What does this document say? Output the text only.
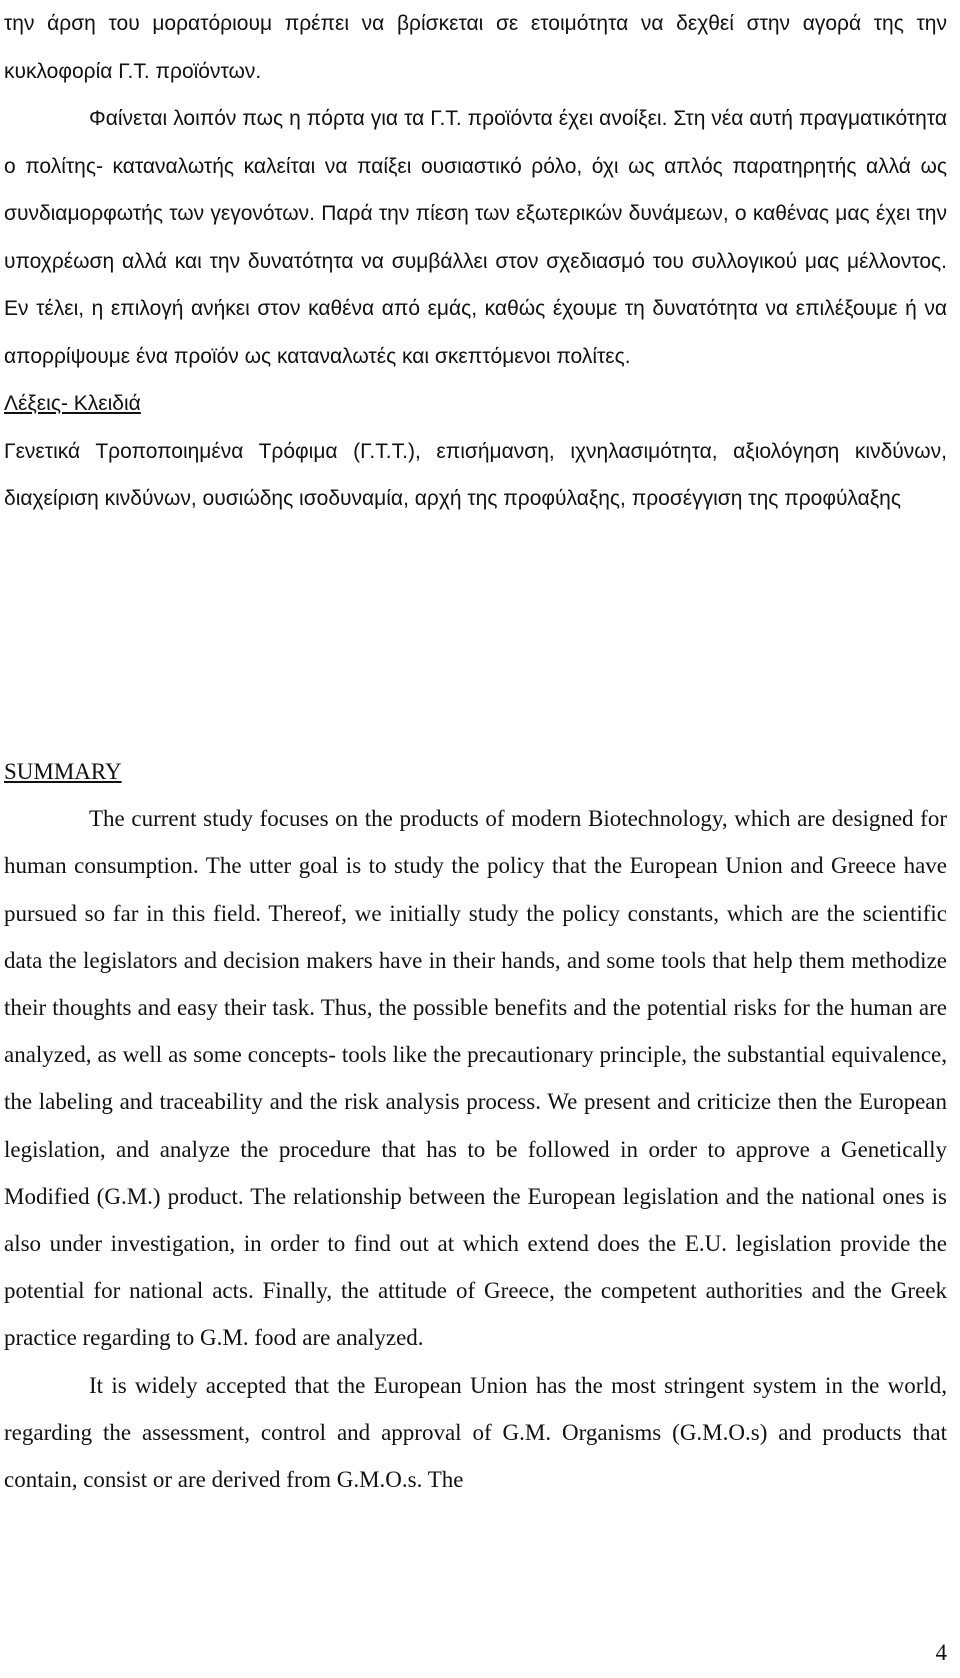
την άρση του μορατόριουμ πρέπει να βρίσκεται σε ετοιμότητα να δεχθεί στην αγορά της την κυκλοφορία Γ.Τ. προϊόντων.

Φαίνεται λοιπόν πως η πόρτα για τα Γ.Τ. προϊόντα έχει ανοίξει. Στη νέα αυτή πραγματικότητα ο πολίτης- καταναλωτής καλείται να παίξει ουσιαστικό ρόλο, όχι ως απλός παρατηρητής αλλά ως συνδιαμορφωτής των γεγονότων. Παρά την πίεση των εξωτερικών δυνάμεων, ο καθένας μας έχει την υποχρέωση αλλά και την δυνατότητα να συμβάλλει στον σχεδιασμό του συλλογικού μας μέλλοντος. Εν τέλει, η επιλογή ανήκει στον καθένα από εμάς, καθώς έχουμε τη δυνατότητα να επιλέξουμε ή να απορρίψουμε ένα προϊόν ως καταναλωτές και σκεπτόμενοι πολίτες.

Λέξεις- Κλειδιά

Γενετικά Τροποποιημένα Τρόφιμα (Γ.Τ.Τ.), επισήμανση, ιχνηλασιμότητα, αξιολόγηση κινδύνων, διαχείριση κινδύνων, ουσιώδης ισοδυναμία, αρχή της προφύλαξης, προσέγγιση της προφύλαξης

SUMMARY

The current study focuses on the products of modern Biotechnology, which are designed for human consumption. The utter goal is to study the policy that the European Union and Greece have pursued so far in this field. Thereof, we initially study the policy constants, which are the scientific data the legislators and decision makers have in their hands, and some tools that help them methodize their thoughts and easy their task. Thus, the possible benefits and the potential risks for the human are analyzed, as well as some concepts- tools like the precautionary principle, the substantial equivalence, the labeling and traceability and the risk analysis process. We present and criticize then the European legislation, and analyze the procedure that has to be followed in order to approve a Genetically Modified (G.M.) product. The relationship between the European legislation and the national ones is also under investigation, in order to find out at which extend does the E.U. legislation provide the potential for national acts. Finally, the attitude of Greece, the competent authorities and the Greek practice regarding to G.M. food are analyzed.

It is widely accepted that the European Union has the most stringent system in the world, regarding the assessment, control and approval of G.M. Organisms (G.M.O.s) and products that contain, consist or are derived from G.M.O.s. The

4
